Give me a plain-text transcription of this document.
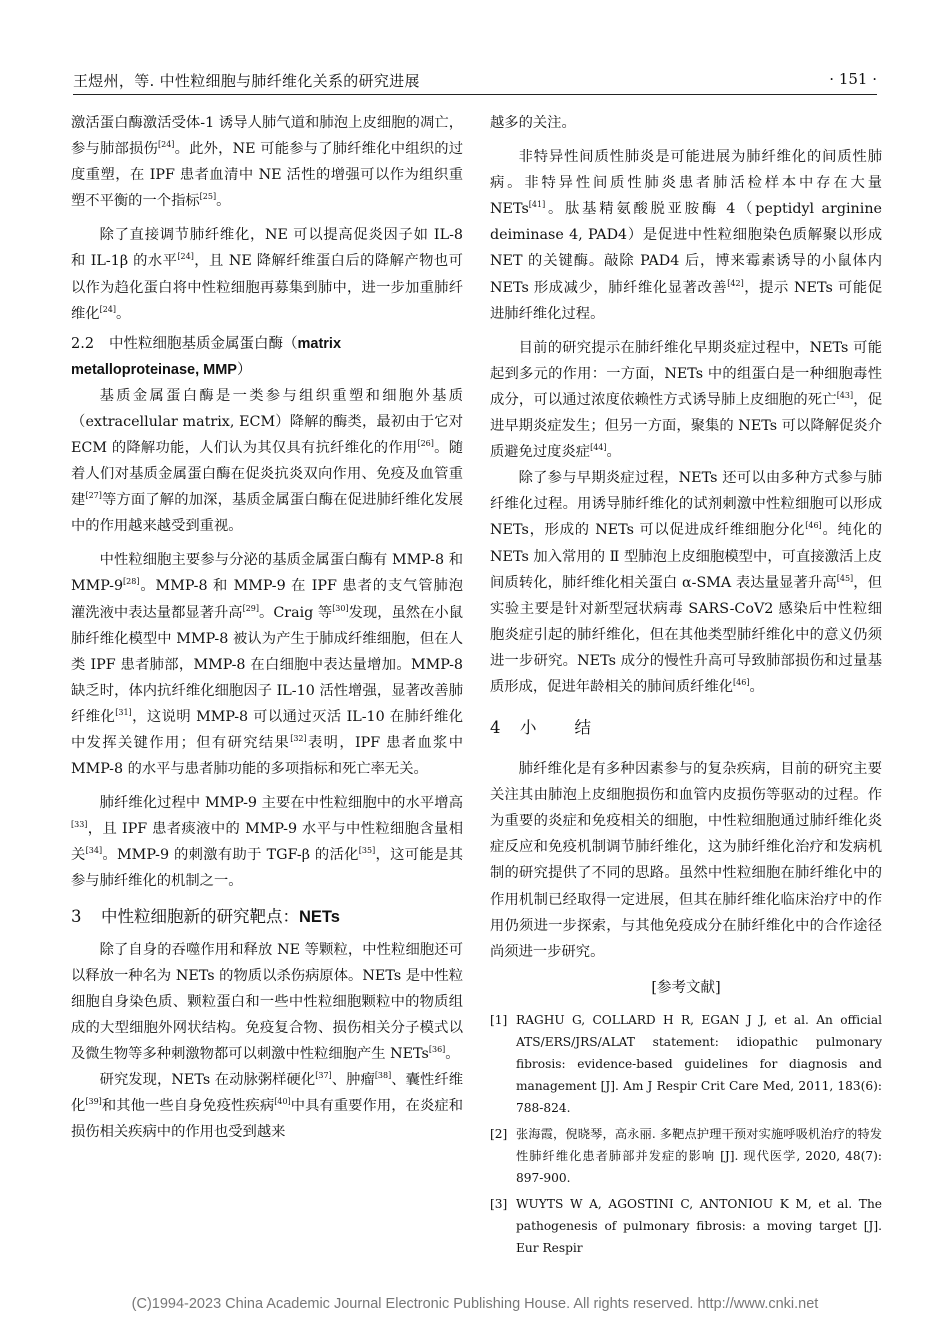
王煜州，等. 中性粒细胞与肺纤维化关系的研究进展	· 151 ·

激活蛋白酶激活受体-1 诱导人肺气道和肺泡上皮细胞的凋亡，参与肺部损伤[24]。此外，NE 可能参与了肺纤维化中组织的过度重塑，在 IPF 患者血清中 NE 活性的增强可以作为组织重塑不平衡的一个指标[25]。

除了直接调节肺纤维化，NE 可以提高促炎因子如 IL-8 和 IL-1β 的水平[24]，且 NE 降解纤维蛋白后的降解产物也可以作为趋化蛋白将中性粒细胞再募集到肺中，进一步加重肺纤维化[24]。

2.2 中性粒细胞基质金属蛋白酶（matrix metalloproteinase, MMP）

基质金属蛋白酶是一类参与组织重塑和细胞外基质（extracellular matrix, ECM）降解的酶类，最初由于它对 ECM 的降解功能，人们认为其仅具有抗纤维化的作用[26]。随着人们对基质金属蛋白酶在促炎抗炎双向作用、免疫及血管重建[27]等方面了解的加深，基质金属蛋白酶在促进肺纤维化发展中的作用越来越受到重视。

中性粒细胞主要参与分泌的基质金属蛋白酶有 MMP-8 和 MMP-9[28]。MMP-8 和 MMP-9 在 IPF 患者的支气管肺泡灌洗液中表达量都显著升高[29]。Craig 等[30]发现，虽然在小鼠肺纤维化模型中 MMP-8 被认为产生于肺成纤维细胞，但在人类 IPF 患者肺部，MMP-8 在白细胞中表达量增加。MMP-8 缺乏时，体内抗纤维化细胞因子 IL-10 活性增强，显著改善肺纤维化[31]，这说明 MMP-8 可以通过灭活 IL-10 在肺纤维化中发挥关键作用；但有研究结果[32]表明，IPF 患者血浆中 MMP-8 的水平与患者肺功能的多项指标和死亡率无关。

肺纤维化过程中 MMP-9 主要在中性粒细胞中的水平增高[33]，且 IPF 患者痰液中的 MMP-9 水平与中性粒细胞含量相关[34]。MMP-9 的刺激有助于 TGF-β 的活化[35]，这可能是其参与肺纤维化的机制之一。

3 中性粒细胞新的研究靶点：NETs

除了自身的吞噬作用和释放 NE 等颗粒，中性粒细胞还可以释放一种名为 NETs 的物质以杀伤病原体。NETs 是中性粒细胞自身染色质、颗粒蛋白和一些中性粒细胞颗粒中的物质组成的大型细胞外网状结构。免疫复合物、损伤相关分子模式以及微生物等多种刺激物都可以刺激中性粒细胞产生 NETs[36]。

研究发现，NETs 在动脉粥样硬化[37]、肿瘤[38]、囊性纤维化[39]和其他一些自身免疫性疾病[40]中具有重要作用，在炎症和损伤相关疾病中的作用也受到越来

越多的关注。

非特异性间质性肺炎是可能进展为肺纤维化的间质性肺病。非特异性间质性肺炎患者肺活检样本中存在大量 NETs[41]。肽基精氨酸脱亚胺酶 4（peptidyl arginine deiminase 4, PAD4）是促进中性粒细胞染色质解聚以形成 NET 的关键酶。敲除 PAD4 后，博来霉素诱导的小鼠体内 NETs 形成减少，肺纤维化显著改善[42]，提示 NETs 可能促进肺纤维化过程。

目前的研究提示在肺纤维化早期炎症过程中，NETs 可能起到多元的作用：一方面，NETs 中的组蛋白是一种细胞毒性成分，可以通过浓度依赖性方式诱导肺上皮细胞的死亡[43]，促进早期炎症发生；但另一方面，聚集的 NETs 可以降解促炎介质避免过度炎症[44]。

除了参与早期炎症过程，NETs 还可以由多种方式参与肺纤维化过程。用诱导肺纤维化的试剂刺激中性粒细胞可以形成 NETs，形成的 NETs 可以促进成纤维细胞分化[46]。纯化的 NETs 加入常用的 Ⅱ 型肺泡上皮细胞模型中，可直接激活上皮间质转化，肺纤维化相关蛋白 α-SMA 表达量显著升高[45]，但实验主要是针对新型冠状病毒 SARS-CoV2 感染后中性粒细胞炎症引起的肺纤维化，但在其他类型肺纤维化中的意义仍须进一步研究。NETs 成分的慢性升高可导致肺部损伤和过量基质形成，促进年龄相关的肺间质纤维化[46]。

4 小结

肺纤维化是有多种因素参与的复杂疾病，目前的研究主要关注其由肺泡上皮细胞损伤和血管内皮损伤等驱动的过程。作为重要的炎症和免疫相关的细胞，中性粒细胞通过肺纤维化炎症反应和免疫机制调节肺纤维化，这为肺纤维化治疗和发病机制的研究提供了不同的思路。虽然中性粒细胞在肺纤维化中的作用机制已经取得一定进展，但其在肺纤维化临床治疗中的作用仍须进一步探索，与其他免疫成分在肺纤维化中的合作途径尚须进一步研究。

[参考文献]
[1] RAGHU G, COLLARD H R, EGAN J J, et al. An official ATS/ERS/JRS/ALAT statement: idiopathic pulmonary fibrosis: evidence-based guidelines for diagnosis and management [J]. Am J Respir Crit Care Med, 2011, 183(6): 788-824.
[2] 张海霞，倪晓琴，高永丽. 多靶点护理干预对实施呼吸机治疗的特发性肺纤维化患者肺部并发症的影响 [J]. 现代医学, 2020, 48(7): 897-900.
[3] WUYTS W A, AGOSTINI C, ANTONIOU K M, et al. The pathogenesis of pulmonary fibrosis: a moving target [J]. Eur Respir
(C)1994-2023 China Academic Journal Electronic Publishing House. All rights reserved. http://www.cnki.net
